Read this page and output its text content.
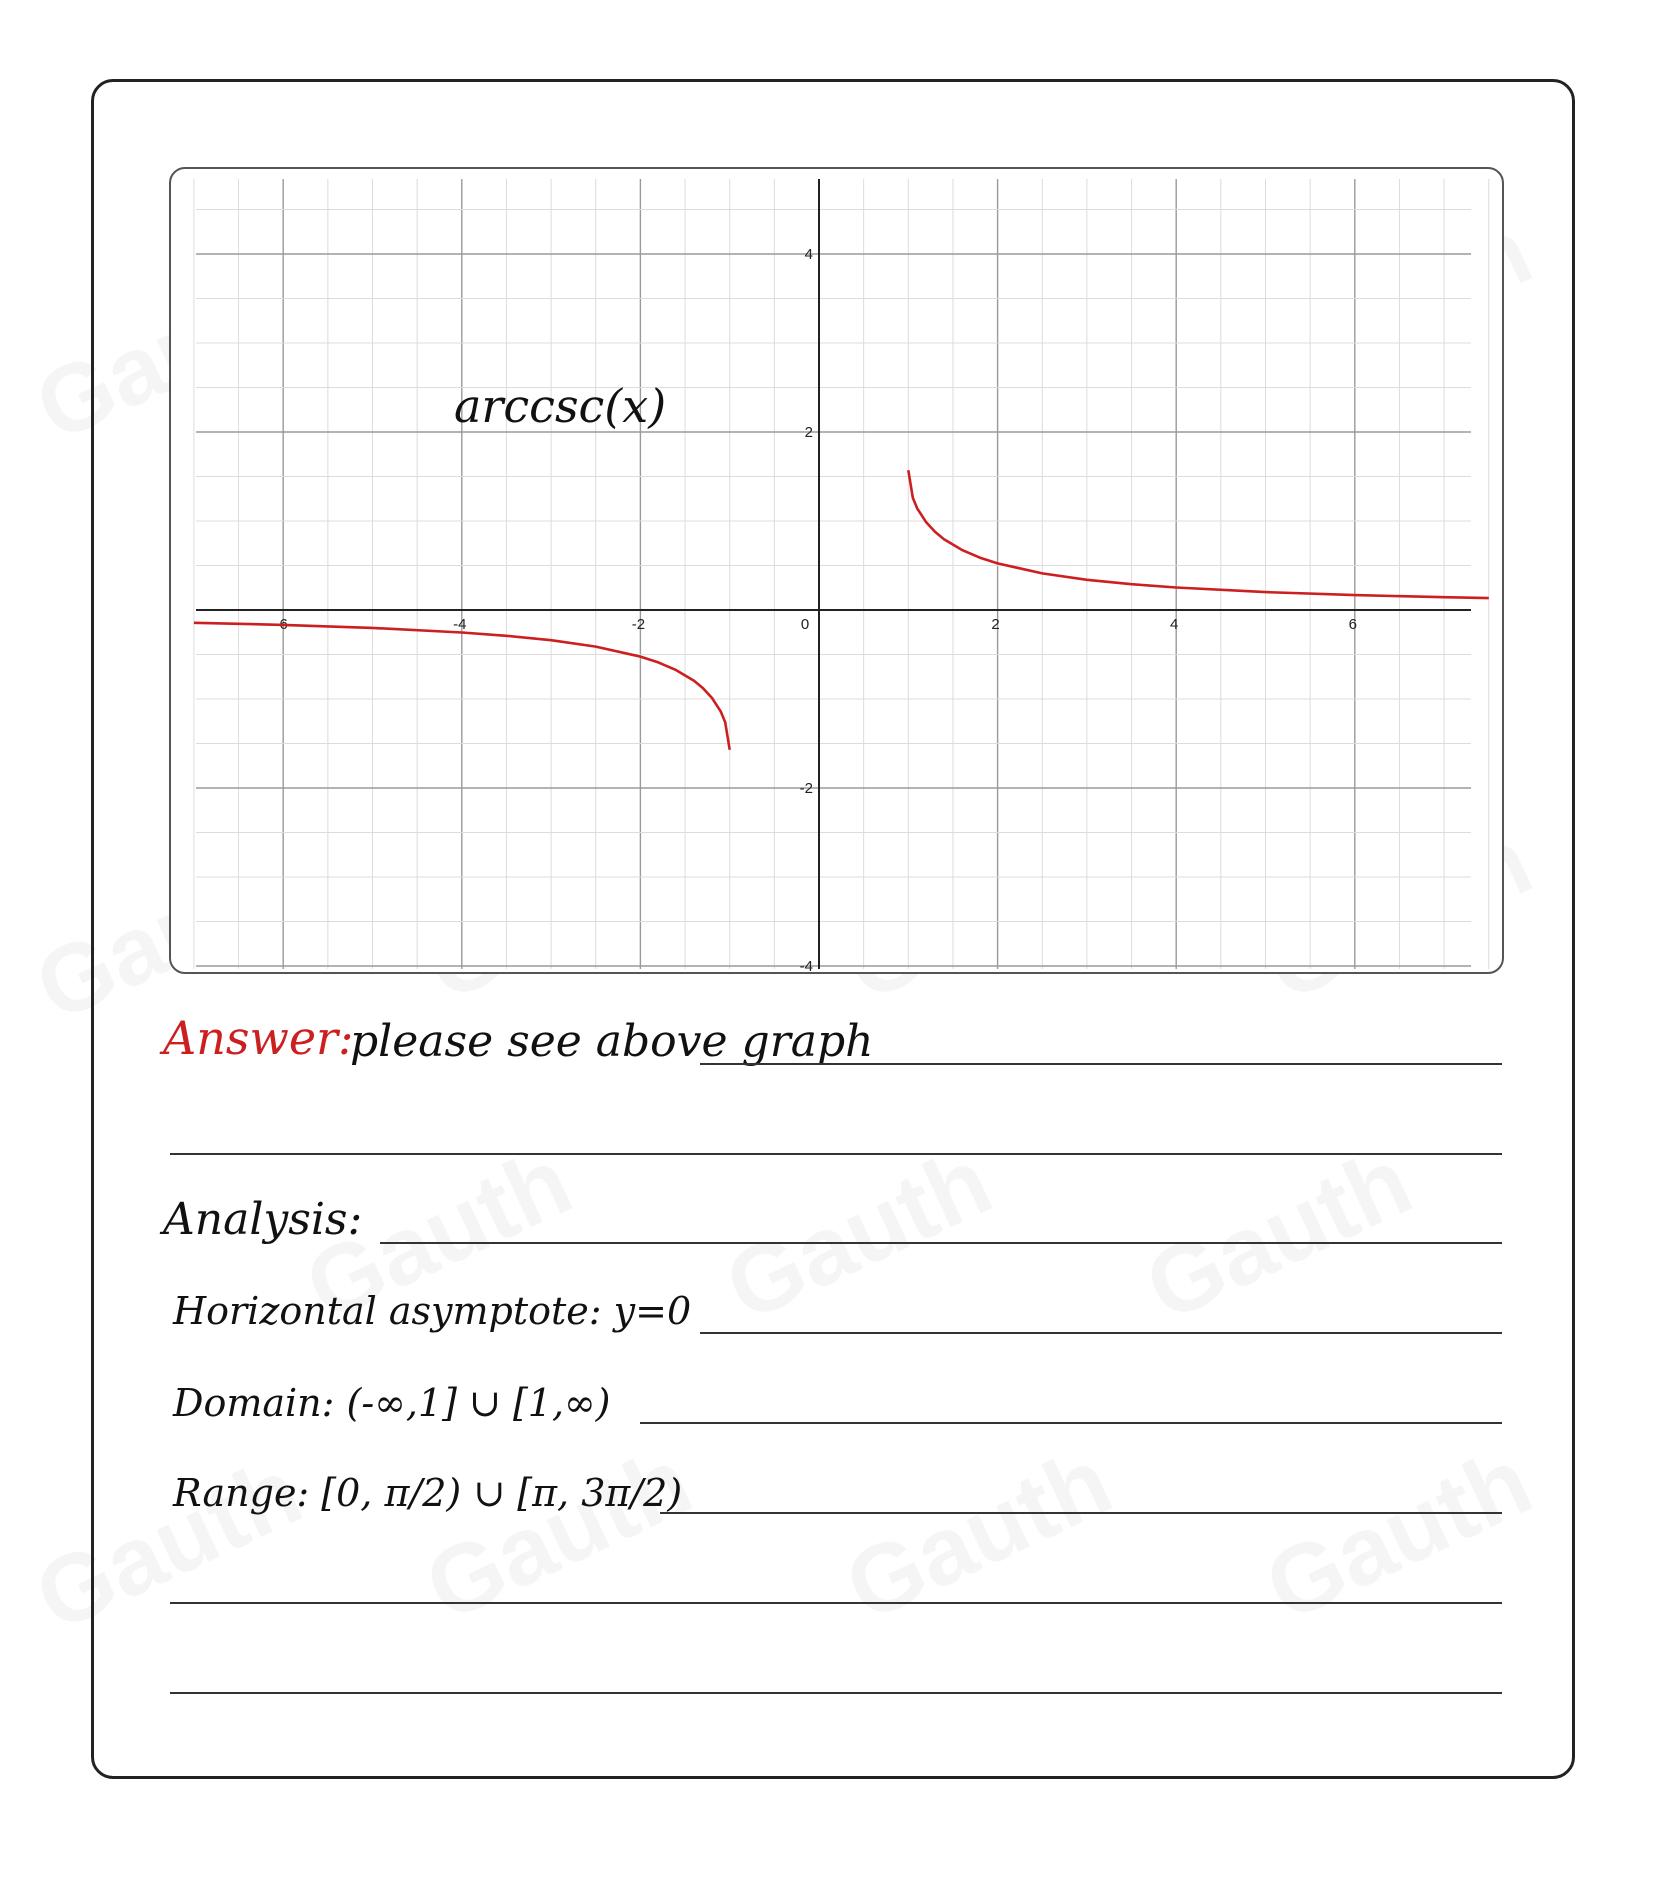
-6	-4	-2	0	2	4	6
4
2
-2
-4
arccsc(x)
Answer:
please see above graph
Analysis:
Horizontal asymptote: y=0
Domain: (-∞,1] ∪ [1,∞)
Range: [0, π/2) ∪ [π, 3π/2)
